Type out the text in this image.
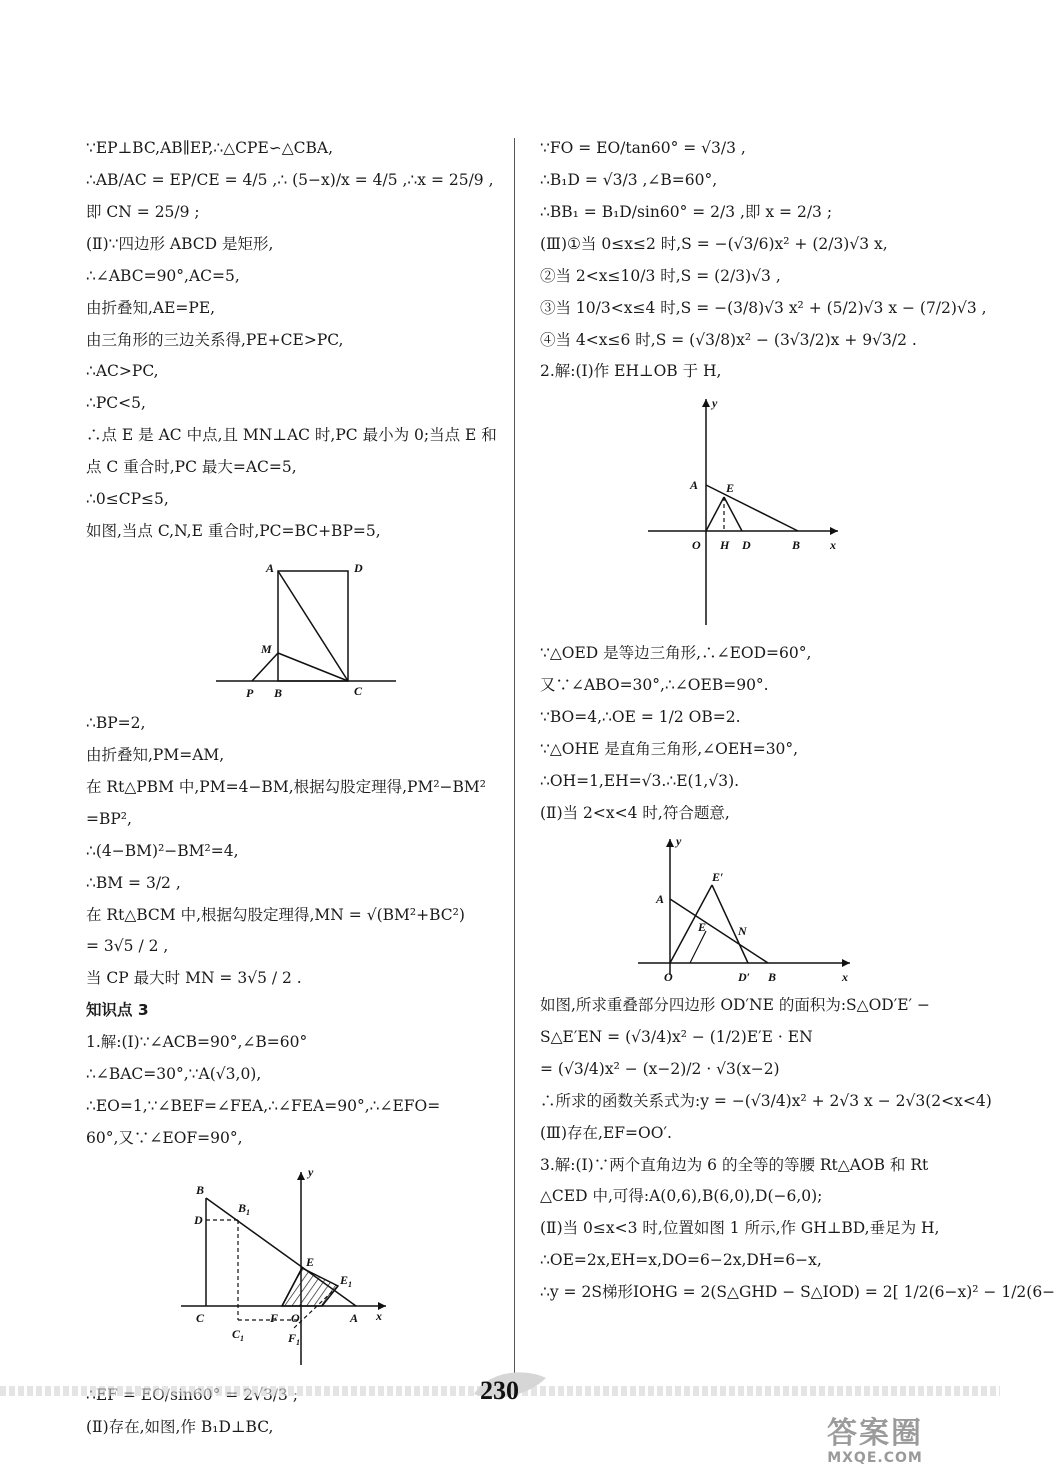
∵EP⊥BC,AB∥EP,∴△CPE∽△CBA,
∴AB/AC = EP/CE = 4/5 ,∴ (5−x)/x = 4/5 ,∴x = 25/9 ,
即 CN = 25/9 ;
(Ⅱ)∵四边形 ABCD 是矩形,
∴∠ABC=90°,AC=5,
由折叠知,AE=PE,
由三角形的三边关系得,PE+CE>PC,
∴AC>PC,
∴PC<5,
∴点 E 是 AC 中点,且 MN⊥AC 时,PC 最小为 0;当点 E 和
点 C 重合时,PC 最大=AC=5,
∴0≤CP≤5,
如图,当点 C,N,E 重合时,PC=BC+BP=5,
A	D
M
P B	C
∴BP=2,
由折叠知,PM=AM,
在 Rt△PBM 中,PM=4−BM,根据勾股定理得,PM²−BM²
=BP²,
∴(4−BM)²−BM²=4,
∴BM = 3/2 ,
在 Rt△BCM 中,根据勾股定理得,MN = √(BM²+BC²)
= 3√5 / 2 ,
当 CP 最大时 MN = 3√5 / 2 .
知识点 3
1.解:(Ⅰ)∵∠ACB=90°,∠B=60°
∴∠BAC=30°,∵A(√3,0),
∴EO=1,∵∠BEF=∠FEA,∴∠FEA=90°,∴∠EFO=
60°,又∵∠EOF=90°,
B
$B_1$
D
E
$E_1$
C
$C_1$
F O
$F_1$
A x
y
(Ⅱ)存在,如图,作 B₁D⊥BC,
∵FO = EO/tan60° = √3/3 ,
∴B₁D = √3/3 ,∠B=60°,
∴BB₁ = B₁D/sin60° = 2/3 ,即 x = 2/3 ;
(Ⅲ)①当 0≤x≤2 时,S = −(√3/6)x² + (2/3)√3 x,
②当 2<x≤10/3 时,S = (2/3)√3 ,
③当 10/3<x≤4 时,S = −(3/8)√3 x² + (5/2)√3 x − (7/2)√3 ,
④当 4<x≤6 时,S = (√3/8)x² − (3√3/2)x + 9√3/2 .
2.解:(Ⅰ)作 EH⊥OB 于 H,
y
A E
O H D	B x
∵△OED 是等边三角形,∴∠EOD=60°,
又∵∠ABO=30°,∴∠OEB=90°.
∵BO=4,∴OE = 1/2 OB=2.
∵△OHE 是直角三角形,∠OEH=30°,
∴OH=1,EH=√3.∴E(1,√3).
(Ⅱ)当 2<x<4 时,符合题意,
y
E′
A
E	N
O	D′ B	x
如图,所求重叠部分四边形 OD′NE 的面积为:S△OD′E′ −
S△E′EN = (√3/4)x² − (1/2)E′E · EN
= (√3/4)x² − (x−2)/2 · √3(x−2)
∴所求的函数关系式为:y = −(√3/4)x² + 2√3 x − 2√3(2<x<4)
(Ⅲ)存在,EF=OO′.
3.解:(Ⅰ)∵两个直角边为 6 的全等的等腰 Rt△AOB 和 Rt
△CED 中,可得:A(0,6),B(6,0),D(−6,0);
(Ⅱ)当 0≤x<3 时,位置如图 1 所示,作 GH⊥BD,垂足为 H,
∴OE=2x,EH=x,DO=6−2x,DH=6−x,
∴y = 2S梯形IOHG = 2(S△GHD − S△IOD) = 2[ 1/2(6−x)² − 1/2(6−
230
答案圈
MXQE.COM
